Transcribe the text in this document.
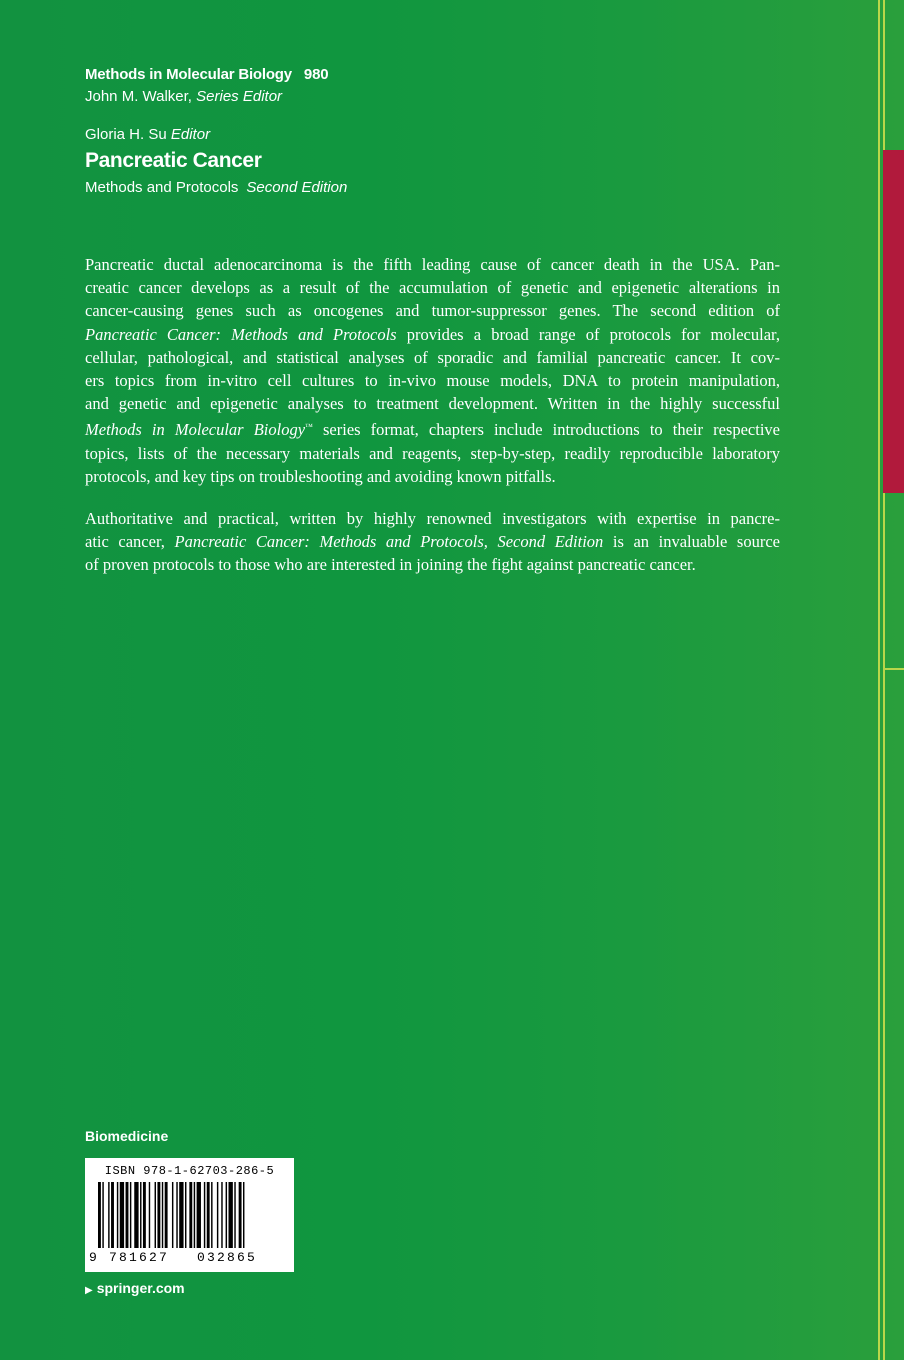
Methods in Molecular Biology 980
John M. Walker, Series Editor
Gloria H. Su Editor
Pancreatic Cancer
Methods and Protocols Second Edition
Pancreatic ductal adenocarcinoma is the fifth leading cause of cancer death in the USA. Pan-
creatic cancer develops as a result of the accumulation of genetic and epigenetic alterations in
cancer-causing genes such as oncogenes and tumor-suppressor genes. The second edition of
Pancreatic Cancer: Methods and Protocols provides a broad range of protocols for molecular,
cellular, pathological, and statistical analyses of sporadic and familial pancreatic cancer. It cov-
ers topics from in-vitro cell cultures to in-vivo mouse models, DNA to protein manipulation,
and genetic and epigenetic analyses to treatment development. Written in the highly successful
Methods in Molecular Biology™ series format, chapters include introductions to their respective
topics, lists of the necessary materials and reagents, step-by-step, readily reproducible laboratory
protocols, and key tips on troubleshooting and avoiding known pitfalls.
Authoritative and practical, written by highly renowned investigators with expertise in pancre-
atic cancer, Pancreatic Cancer: Methods and Protocols, Second Edition is an invaluable source
of proven protocols to those who are interested in joining the fight against pancreatic cancer.
Biomedicine
ISBN 978-1-62703-286-5
9 781627 032865
▶ springer.com
